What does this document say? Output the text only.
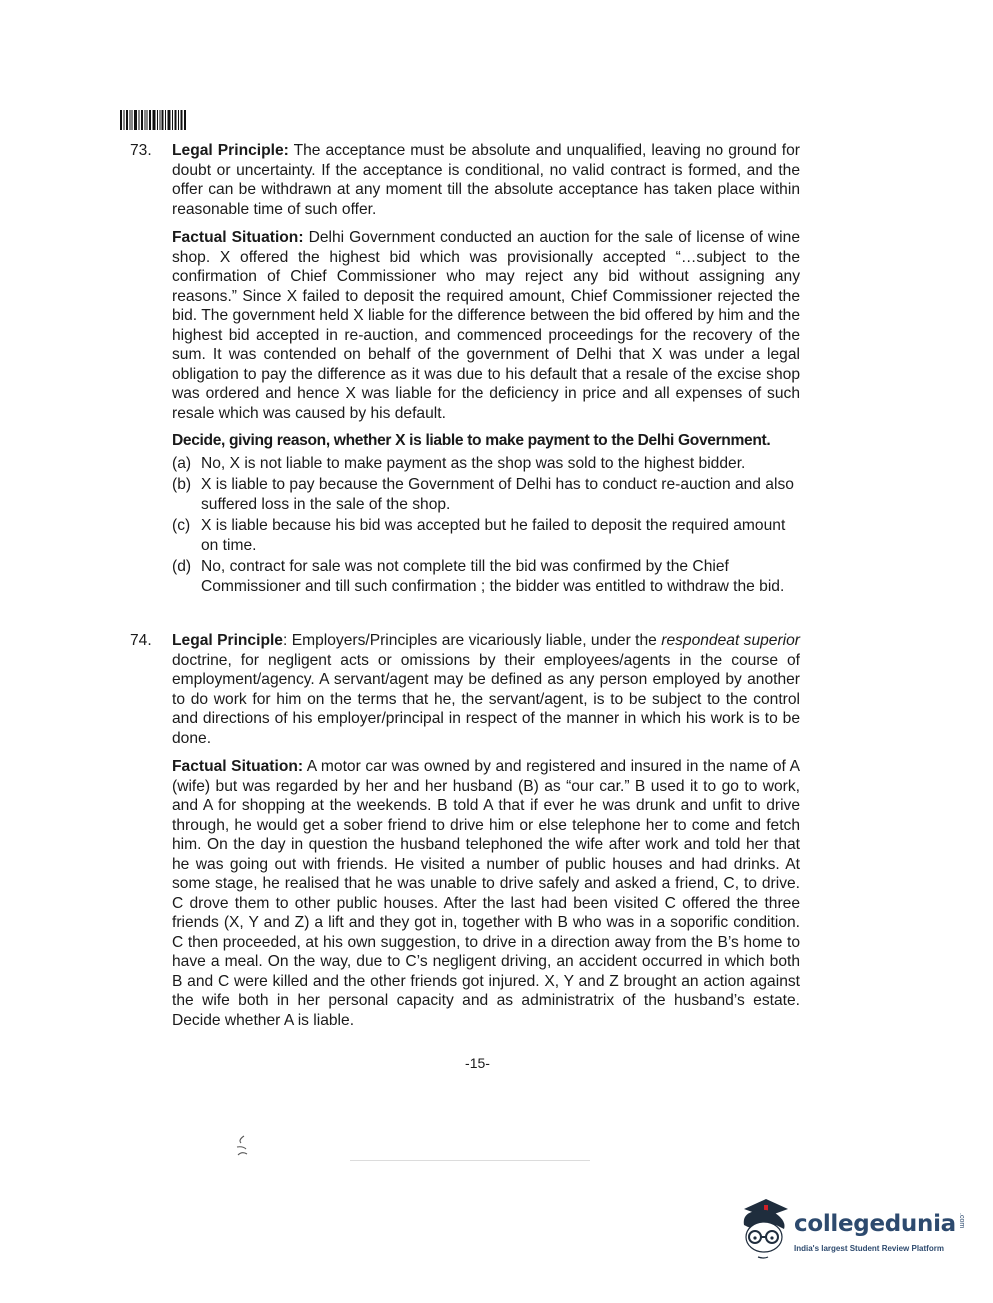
73.	Legal Principle: The acceptance must be absolute and unqualified, leaving no ground for doubt or uncertainty. If the acceptance is conditional, no valid contract is formed, and the offer can be withdrawn at any moment till the absolute acceptance has taken place within reasonable time of such offer.

Factual Situation: Delhi Government conducted an auction for the sale of license of wine shop. X offered the highest bid which was provisionally accepted “…subject to the confirmation of Chief Commissioner who may reject any bid without assigning any reasons.” Since X failed to deposit the required amount, Chief Commissioner rejected the bid. The government held X liable for the difference between the bid offered by him and the highest bid accepted in re-auction, and commenced proceedings for the recovery of the sum. It was contended on behalf of the government of Delhi that X was under a legal obligation to pay the difference as it was due to his default that a resale of the excise shop was ordered and hence X was liable for the deficiency in price and all expenses of such resale which was caused by his default.

Decide, giving reason, whether X is liable to make payment to the Delhi Government.
(a) No, X is not liable to make payment as the shop was sold to the highest bidder.
(b) X is liable to pay because the Government of Delhi has to conduct re-auction and also suffered loss in the sale of the shop.
(c) X is liable because his bid was accepted but he failed to deposit the required amount on time.
(d) No, contract for sale was not complete till the bid was confirmed by the Chief Commissioner and till such confirmation ; the bidder was entitled to withdraw the bid.
74.	Legal Principle: Employers/Principles are vicariously liable, under the respondeat superior doctrine, for negligent acts or omissions by their employees/agents in the course of employment/agency. A servant/agent may be defined as any person employed by another to do work for him on the terms that he, the servant/agent, is to be subject to the control and directions of his employer/principal in respect of the manner in which his work is to be done.

Factual Situation: A motor car was owned by and registered and insured in the name of A (wife) but was regarded by her and her husband (B) as “our car.” B used it to go to work, and A for shopping at the weekends. B told A that if ever he was drunk and unfit to drive through, he would get a sober friend to drive him or else telephone her to come and fetch him. On the day in question the husband telephoned the wife after work and told her that he was going out with friends. He visited a number of public houses and had drinks. At some stage, he realised that he was unable to drive safely and asked a friend, C, to drive. C drove them to other public houses. After the last had been visited C offered the three friends (X, Y and Z) a lift and they got in, together with B who was in a soporific condition. C then proceeded, at his own suggestion, to drive in a direction away from the B’s home to have a meal. On the way, due to C’s negligent driving, an accident occurred in which both B and C were killed and the other friends got injured. X, Y and Z brought an action against the wife both in her personal capacity and as administratrix of the husband’s estate. Decide whether A is liable.

-15-
collegedunia .com
India's largest Student Review Platform
